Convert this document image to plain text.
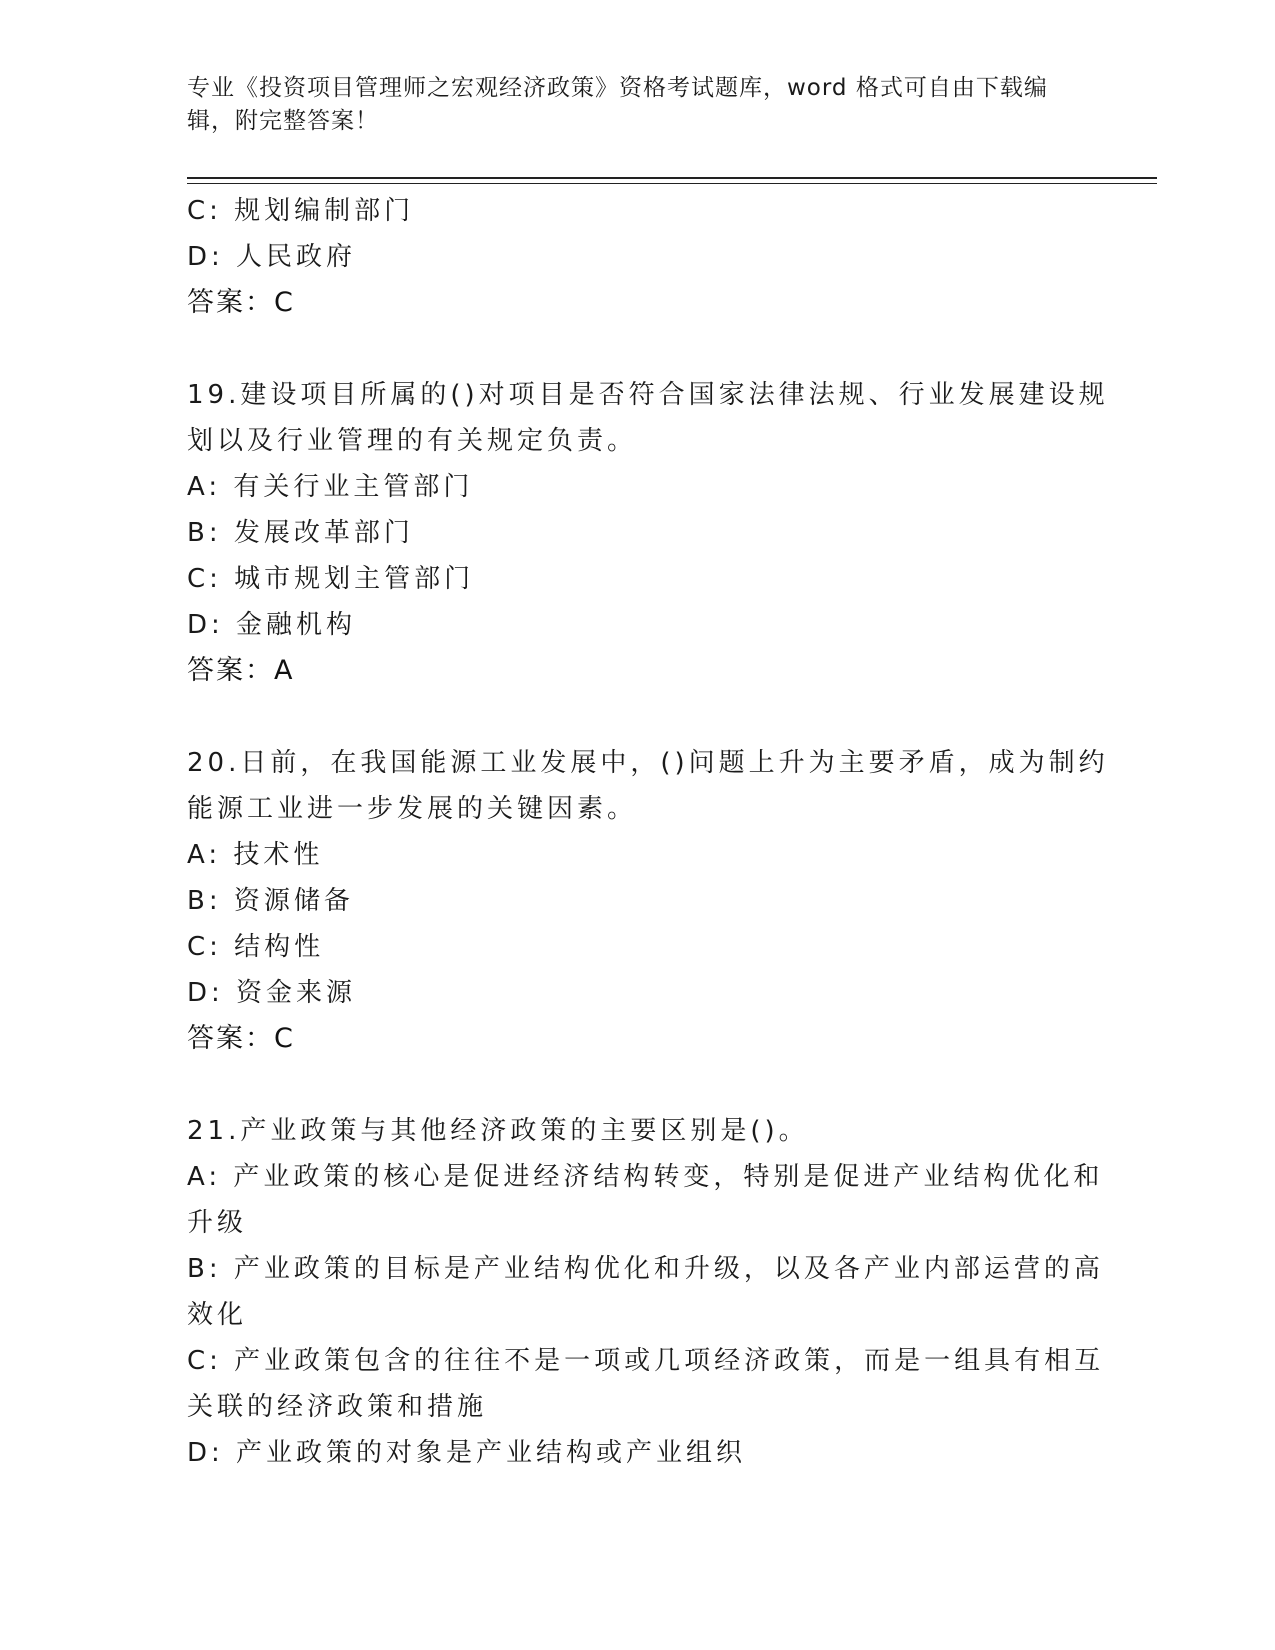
专业《投资项目管理师之宏观经济政策》资格考试题库，word 格式可自由下载编
辑，附完整答案！
C: 规划编制部门
D: 人民政府
答案：C
19.建设项目所属的()对项目是否符合国家法律法规、行业发展建设规
划以及行业管理的有关规定负责。
A: 有关行业主管部门
B: 发展改革部门
C: 城市规划主管部门
D: 金融机构
答案：A
20.日前，在我国能源工业发展中，()问题上升为主要矛盾，成为制约
能源工业进一步发展的关键因素。
A: 技术性
B: 资源储备
C: 结构性
D: 资金来源
答案：C
21.产业政策与其他经济政策的主要区别是()。
A: 产业政策的核心是促进经济结构转变，特别是促进产业结构优化和
升级
B: 产业政策的目标是产业结构优化和升级，以及各产业内部运营的高
效化
C: 产业政策包含的往往不是一项或几项经济政策，而是一组具有相互
关联的经济政策和措施
D: 产业政策的对象是产业结构或产业组织
